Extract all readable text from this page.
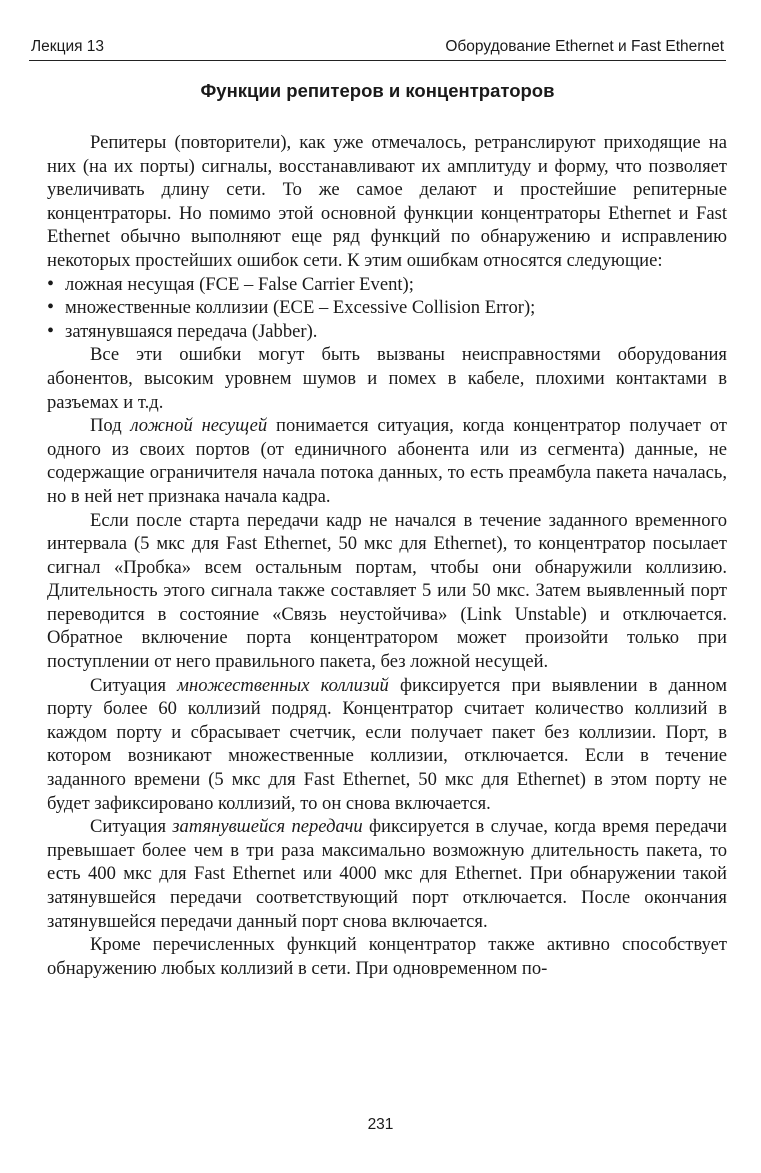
Лекция 13	Оборудование Ethernet и Fast Ethernet
Функции репитеров и концентраторов

Репитеры (повторители), как уже отмечалось, ретранслируют приходящие на них (на их порты) сигналы, восстанавливают их амплитуду и форму, что позволяет увеличивать длину сети. То же самое делают и простейшие репитерные концентраторы. Но помимо этой основной функции концентраторы Ethernet и Fast Ethernet обычно выполняют еще ряд функций по обнаружению и исправлению некоторых простейших ошибок сети. К этим ошибкам относятся следующие:

• ложная несущая (FCE – False Carrier Event);
• множественные коллизии (ECE – Excessive Collision Error);
• затянувшаяся передача (Jabber).

Все эти ошибки могут быть вызваны неисправностями оборудования абонентов, высоким уровнем шумов и помех в кабеле, плохими контактами в разъемах и т.д.

Под ложной несущей понимается ситуация, когда концентратор получает от одного из своих портов (от единичного абонента или из сегмента) данные, не содержащие ограничителя начала потока данных, то есть преамбула пакета началась, но в ней нет признака начала кадра.

Если после старта передачи кадр не начался в течение заданного временного интервала (5 мкс для Fast Ethernet, 50 мкс для Ethernet), то концентратор посылает сигнал «Пробка» всем остальным портам, чтобы они обнаружили коллизию. Длительность этого сигнала также составляет 5 или 50 мкс. Затем выявленный порт переводится в состояние «Связь неустойчива» (Link Unstable) и отключается. Обратное включение порта концентратором может произойти только при поступлении от него правильного пакета, без ложной несущей.

Ситуация множественных коллизий фиксируется при выявлении в данном порту более 60 коллизий подряд. Концентратор считает количество коллизий в каждом порту и сбрасывает счетчик, если получает пакет без коллизии. Порт, в котором возникают множественные коллизии, отключается. Если в течение заданного времени (5 мкс для Fast Ethernet, 50 мкс для Ethernet) в этом порту не будет зафиксировано коллизий, то он снова включается.

Ситуация затянувшейся передачи фиксируется в случае, когда время передачи превышает более чем в три раза максимально возможную длительность пакета, то есть 400 мкс для Fast Ethernet или 4000 мкс для Ethernet. При обнаружении такой затянувшейся передачи соответствующий порт отключается. После окончания затянувшейся передачи данный порт снова включается.

Кроме перечисленных функций концентратор также активно способствует обнаружению любых коллизий в сети. При одновременном по-

231
